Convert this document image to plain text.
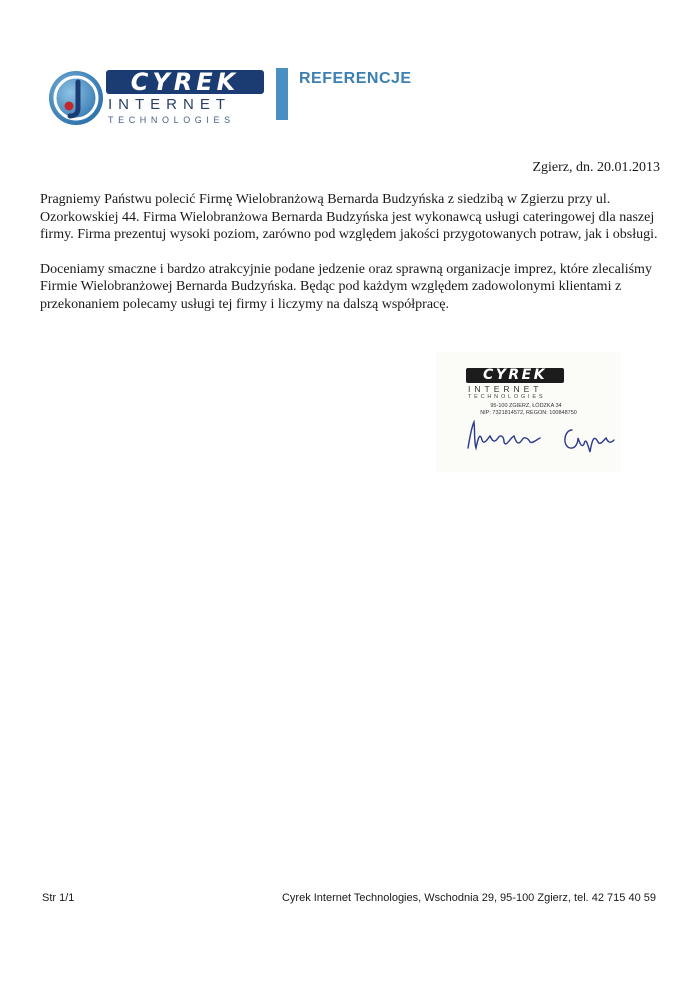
CYREK
INTERNET
TECHNOLOGIES
REFERENCJE
Zgierz, dn. 20.01.2013

Pragniemy Państwu polecić Firmę Wielobranżową Bernarda Budzyńska z siedzibą w Zgierzu przy ul. Ozorkowskiej 44. Firma Wielobranżowa Bernarda Budzyńska jest wykonawcą usługi cateringowej dla naszej firmy. Firma prezentuj wysoki poziom, zarówno pod względem jakości przygotowanych potraw, jak i obsługi.

Doceniamy smaczne i bardzo atrakcyjnie podane jedzenie oraz sprawną organizacje imprez, które zlecaliśmy Firmie Wielobranżowej Bernarda Budzyńska. Będąc pod każdym względem zadowolonymi klientami z przekonaniem polecamy usługi tej firmy i liczymy na dalszą współpracę.

CYREK
INTERNET
TECHNOLOGIES
95-100 ZGIERZ, ŁÓDZKA 34
NIP: 7321814572, REGON: 100848750
Str 1/1	Cyrek Internet Technologies, Wschodnia 29, 95-100 Zgierz, tel. 42 715 40 59
